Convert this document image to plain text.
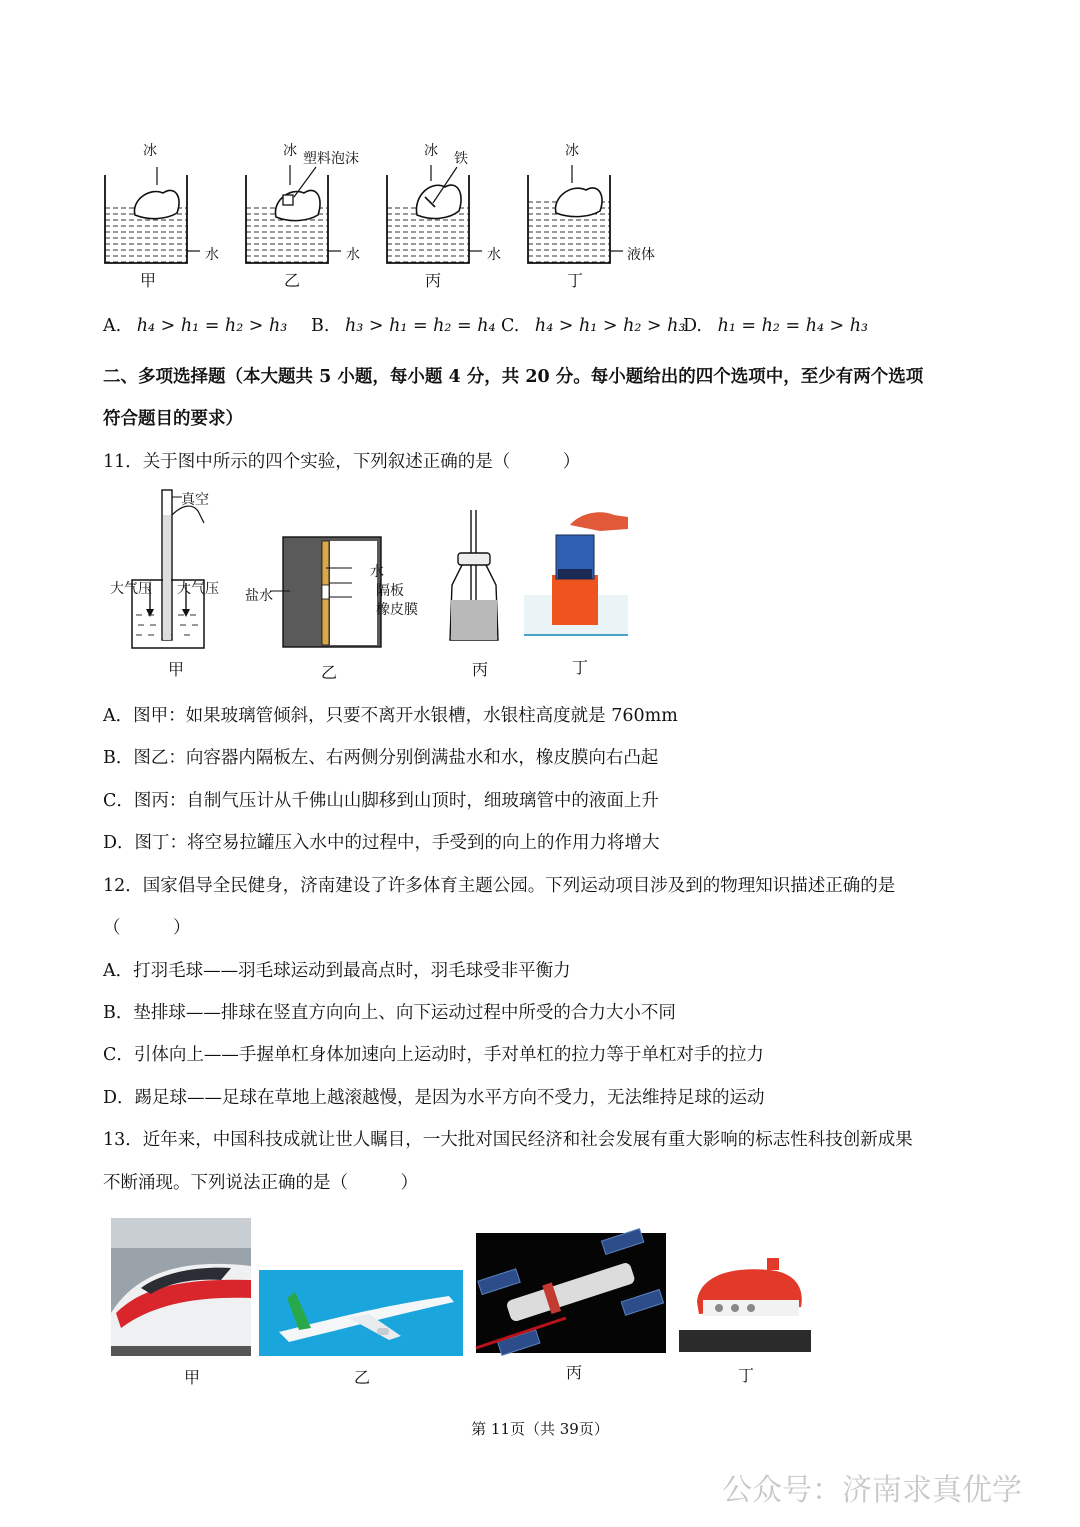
冰	冰 塑料泡沫	冰 铁	冰
水	水	水	液体
甲	乙	丙	丁
A. h₄ > h₁ = h₂ > h₃ B. h₃ > h₁ = h₂ = h₄ C. h₄ > h₁ > h₂ > h₃
D. h₁ = h₂ = h₄ > h₃
二、多项选择题（本大题共 5 小题，每小题 4 分，共 20 分。每小题给出的四个选项中，至少有两个选项
符合题目的要求）
11．关于图中所示的四个实验，下列叙述正确的是（　　　）
真空
大气压 大气压 盐水
水
隔板
橡皮膜
甲	乙	丙	丁
A．图甲：如果玻璃管倾斜，只要不离开水银槽，水银柱高度就是 760mm
B．图乙：向容器内隔板左、右两侧分别倒满盐水和水，橡皮膜向右凸起
C．图丙：自制气压计从千佛山山脚移到山顶时，细玻璃管中的液面上升
D．图丁：将空易拉罐压入水中的过程中，手受到的向上的作用力将增大
12．国家倡导全民健身，济南建设了许多体育主题公园。下列运动项目涉及到的物理知识描述正确的是
（　　　）
A．打羽毛球——羽毛球运动到最高点时，羽毛球受非平衡力
B．垫排球——排球在竖直方向向上、向下运动过程中所受的合力大小不同
C．引体向上——手握单杠身体加速向上运动时，手对单杠的拉力等于单杠对手的拉力
D．踢足球——足球在草地上越滚越慢，是因为水平方向不受力，无法维持足球的运动
13．近年来，中国科技成就让世人瞩目，一大批对国民经济和社会发展有重大影响的标志性科技创新成果
不断涌现。下列说法正确的是（　　　）
甲	乙	丙	丁
第 11页（共 39页）
公众号：济南求真优学
